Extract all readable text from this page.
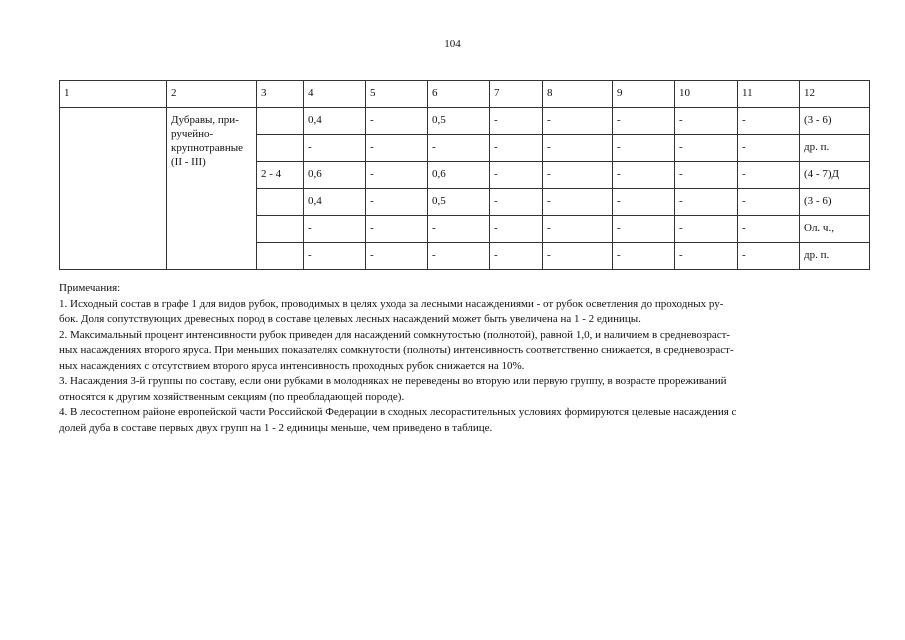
104
1	2	3	4	5	6	7	8	9	10	11	12

	Дубравы, при-
ручейно-
крупнотравные
(II - III)		0,4	-	0,5	-	-	-	-	-	(3 - 6)
			-	-	-	-	-	-	-	-	др. п.
		2 - 4	0,6	-	0,6	-	-	-	-	-	(4 - 7)Д
			0,4	-	0,5	-	-	-	-	-	(3 - 6)
			-	-	-	-	-	-	-	-	Ол. ч.,
			-	-	-	-	-	-	-	-	др. п.

Примечания:

1. Исходный состав в графе 1 для видов рубок, проводимых в целях ухода за лесными насаждениями - от рубок осветления до проходных ру-
бок. Доля сопутствующих древесных пород в составе целевых лесных насаждений может быть увеличена на 1 - 2 единицы.

2. Максимальный процент интенсивности рубок приведен для насаждений сомкнутостью (полнотой), равной 1,0, и наличием в средневозраст-
ных насаждениях второго яруса. При меньших показателях сомкнутости (полноты) интенсивность соответственно снижается, в средневозраст-
ных насаждениях с отсутствием второго яруса интенсивность проходных рубок снижается на 10%.

3. Насаждения 3-й группы по составу, если они рубками в молодняках не переведены во вторую или первую группу, в возрасте прореживаний
относятся к другим хозяйственным секциям (по преобладающей породе).

4. В лесостепном районе европейской части Российской Федерации в сходных лесорастительных условиях формируются целевые насаждения с
долей дуба в составе первых двух групп на 1 - 2 единицы меньше, чем приведено в таблице.
